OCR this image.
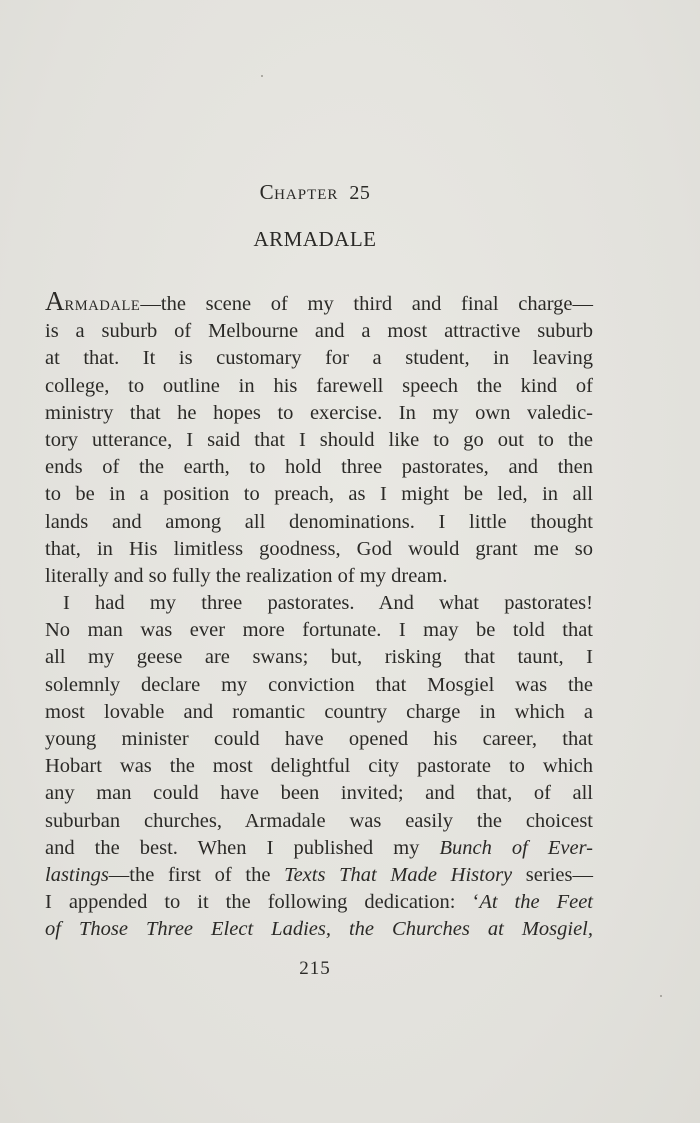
CHAPTER 25
ARMADALE
ARMADALE—the scene of my third and final charge—
is a suburb of Melbourne and a most attractive suburb
at that. It is customary for a student, in leaving
college, to outline in his farewell speech the kind of
ministry that he hopes to exercise. In my own valedic-
tory utterance, I said that I should like to go out to the
ends of the earth, to hold three pastorates, and then
to be in a position to preach, as I might be led, in all
lands and among all denominations. I little thought
that, in His limitless goodness, God would grant me so
literally and so fully the realization of my dream.
I had my three pastorates. And what pastorates!
No man was ever more fortunate. I may be told that
all my geese are swans; but, risking that taunt, I
solemnly declare my conviction that Mosgiel was the
most lovable and romantic country charge in which a
young minister could have opened his career, that
Hobart was the most delightful city pastorate to which
any man could have been invited; and that, of all
suburban churches, Armadale was easily the choicest
and the best. When I published my Bunch of Ever-
lastings—the first of the Texts That Made History series—
I appended to it the following dedication: ‘At the Feet
of Those Three Elect Ladies, the Churches at Mosgiel,
215
